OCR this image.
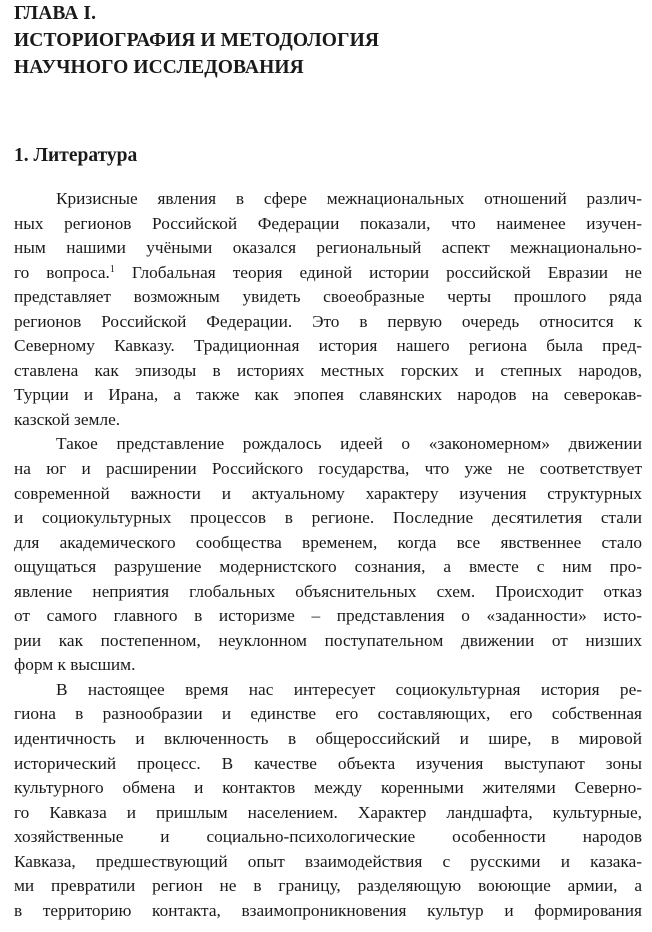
ГЛАВА I.
ИСТОРИОГРАФИЯ И МЕТОДОЛОГИЯ
НАУЧНОГО ИССЛЕДОВАНИЯ
1. Литература
Кризисные явления в сфере межнациональных отношений различ-
ных регионов Российской Федерации показали, что наименее изучен-
ным нашими учёными оказался региональный аспект межнационально-
го вопроса.$^1$ Глобальная теория единой истории российской Евразии не
представляет возможным увидеть своеобразные черты прошлого ряда
регионов Российской Федерации. Это в первую очередь относится к
Северному Кавказу. Традиционная история нашего региона была пред-
ставлена как эпизоды в историях местных горских и степных народов,
Турции и Ирана, а также как эпопея славянских народов на северокав-
казской земле.
Такое представление рождалось идеей о «закономерном» движении
на юг и расширении Российского государства, что уже не соответствует
современной важности и актуальному характеру изучения структурных
и социокультурных процессов в регионе. Последние десятилетия стали
для академического сообщества временем, когда все явственнее стало
ощущаться разрушение модернистского сознания, а вместе с ним про-
явление неприятия глобальных объяснительных схем. Происходит отказ
от самого главного в историзме – представления о «заданности» исто-
рии как постепенном, неуклонном поступательном движении от низших
форм к высшим.
В настоящее время нас интересует социокультурная история ре-
гиона в разнообразии и единстве его составляющих, его собственная
идентичность и включенность в общероссийский и шире, в мировой
исторический процесс. В качестве объекта изучения выступают зоны
культурного обмена и контактов между коренными жителями Северно-
го Кавказа и пришлым населением. Характер ландшафта, культурные,
хозяйственные и социально-психологические особенности народов
Кавказа, предшествующий опыт взаимодействия с русскими и казака-
ми превратили регион не в границу, разделяющую воюющие армии, а
в территорию контакта, взаимопроникновения культур и формирования
